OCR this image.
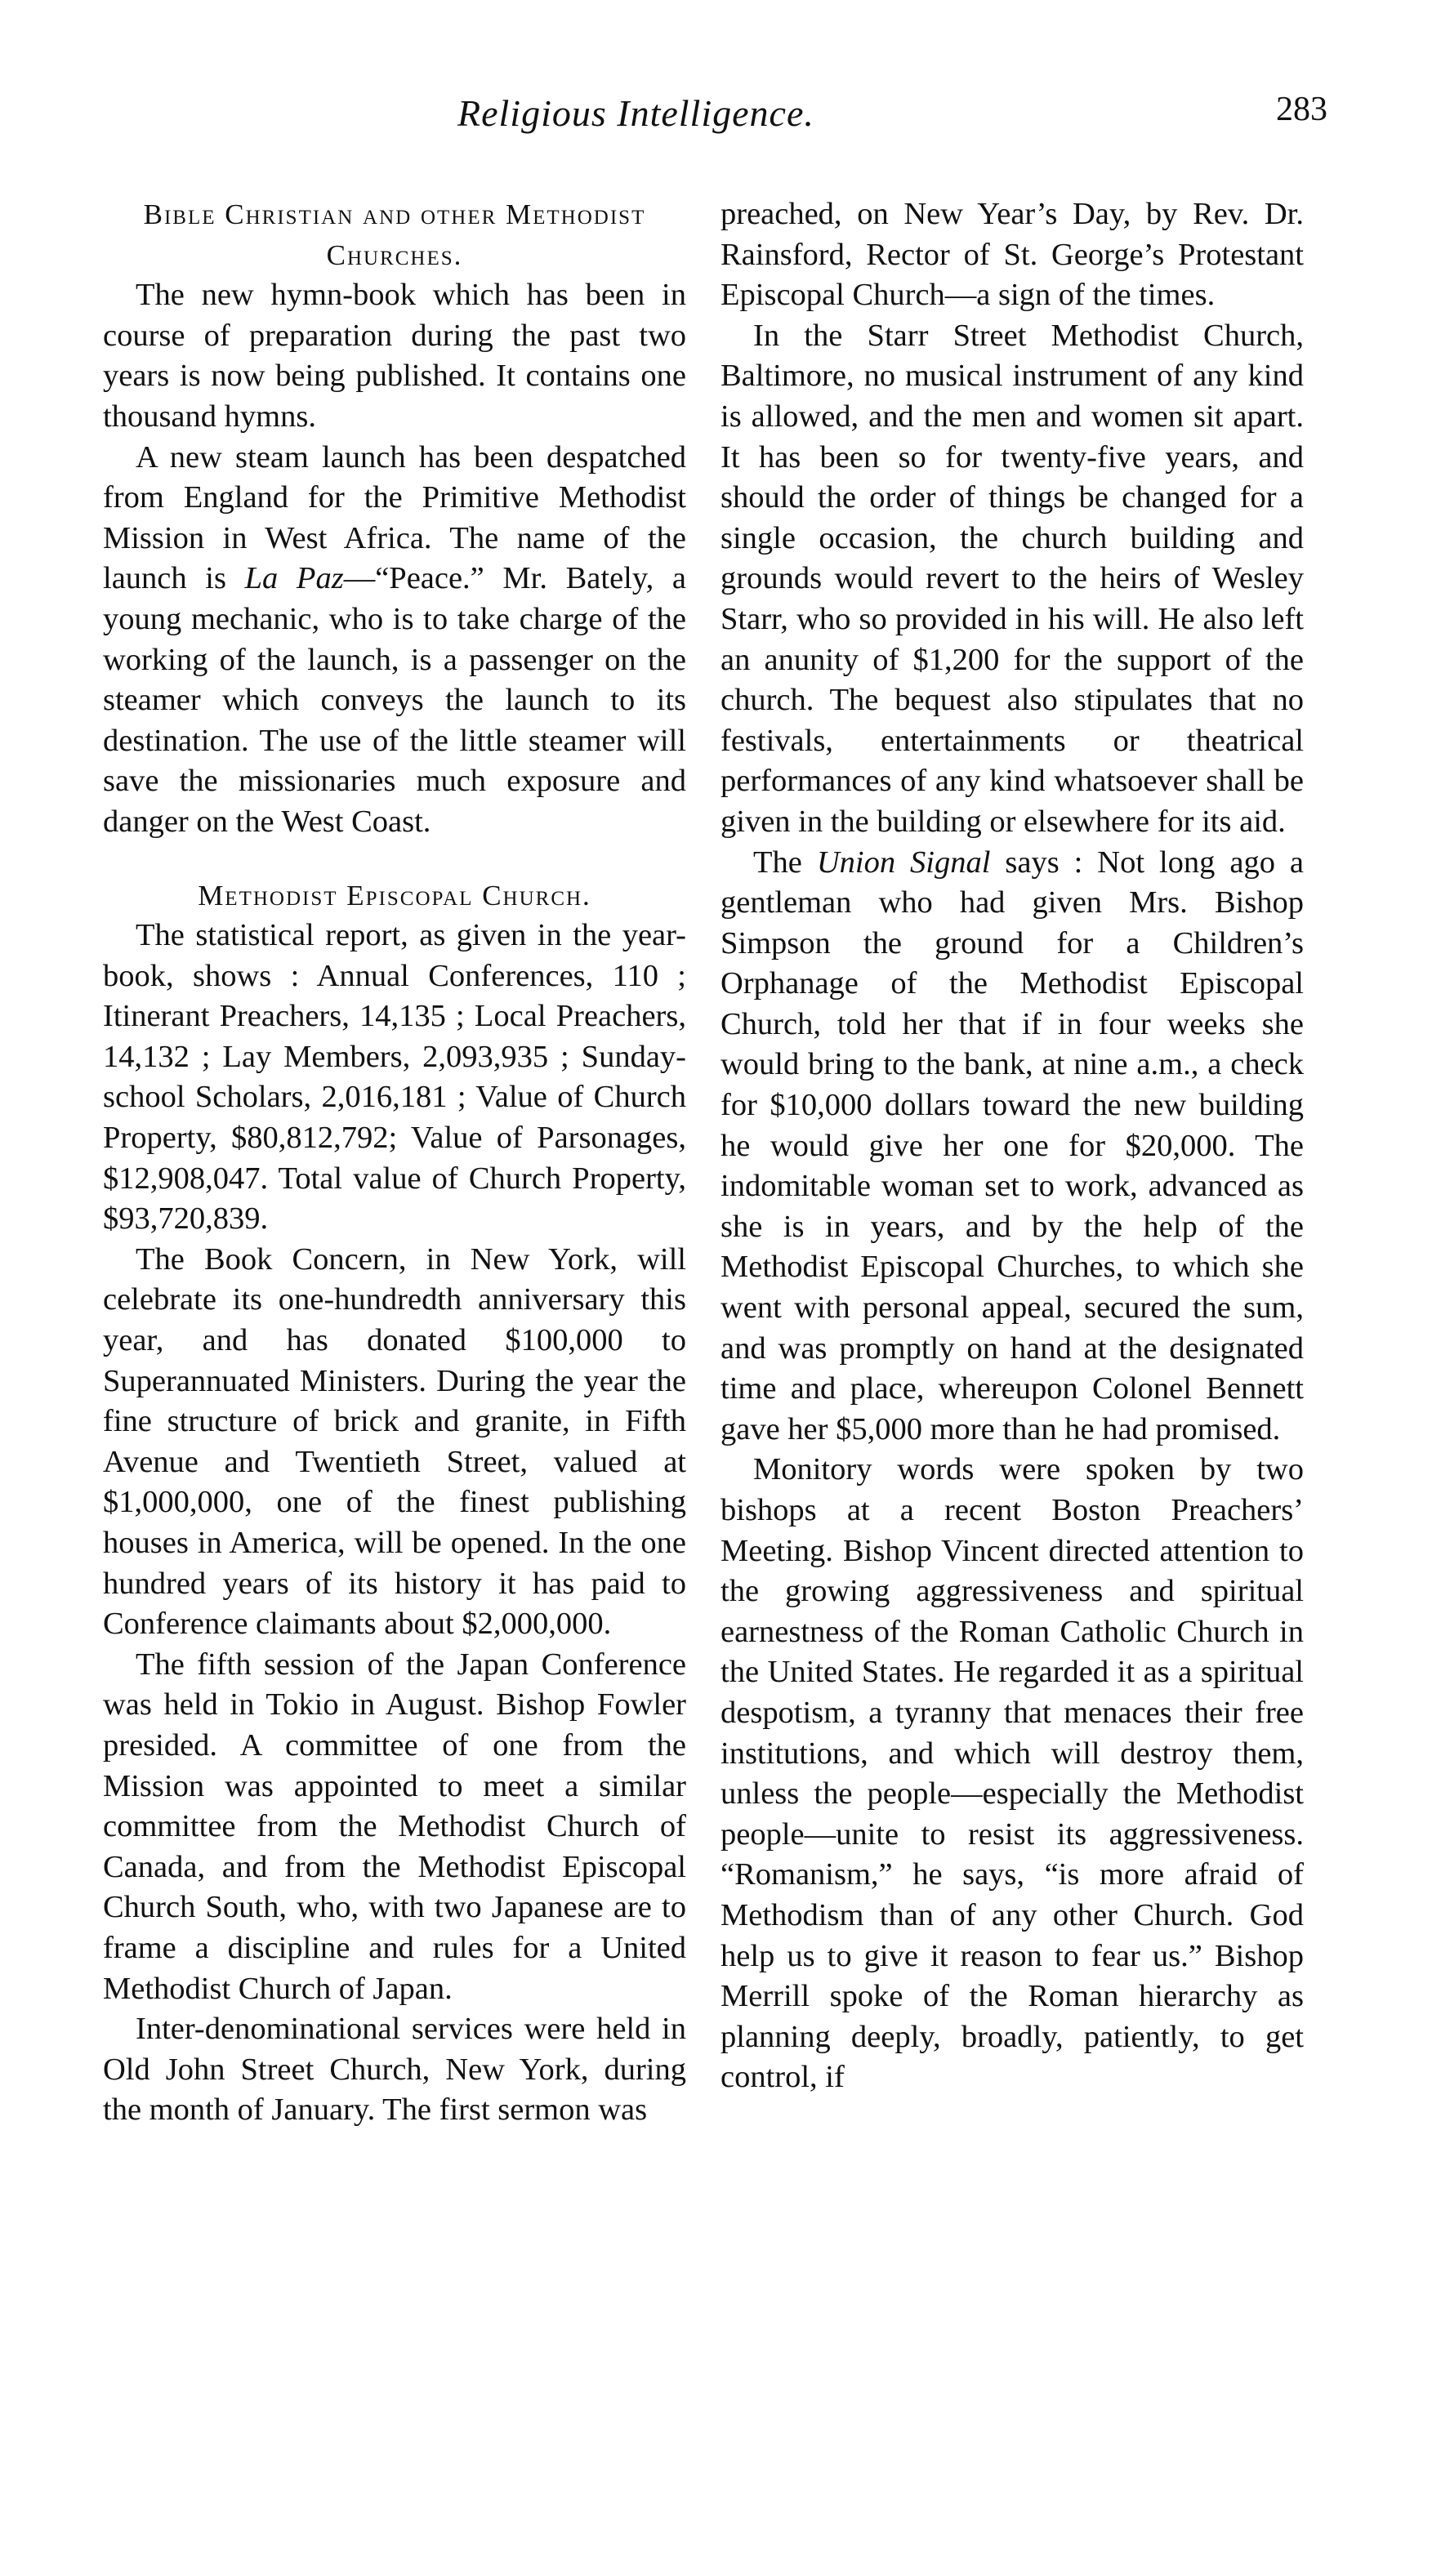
Religious Intelligence.	283
Bible Christian and other Methodist Churches.

The new hymn-book which has been in course of preparation during the past two years is now being published. It contains one thousand hymns.

A new steam launch has been despatched from England for the Primitive Methodist Mission in West Africa. The name of the launch is La Paz—“Peace.” Mr. Bately, a young mechanic, who is to take charge of the working of the launch, is a passenger on the steamer which conveys the launch to its destination. The use of the little steamer will save the missionaries much exposure and danger on the West Coast.

Methodist Episcopal Church.

The statistical report, as given in the year-book, shows : Annual Conferences, 110 ; Itinerant Preachers, 14,135 ; Local Preachers, 14,132 ; Lay Members, 2,093,935 ; Sunday-school Scholars, 2,016,181 ; Value of Church Property, $80,812,792; Value of Parsonages, $12,908,047. Total value of Church Property, $93,720,839.

The Book Concern, in New York, will celebrate its one-hundredth anniversary this year, and has donated $100,000 to Superannuated Ministers. During the year the fine structure of brick and granite, in Fifth Avenue and Twentieth Street, valued at $1,000,000, one of the finest publishing houses in America, will be opened. In the one hundred years of its history it has paid to Conference claimants about $2,000,000.

The fifth session of the Japan Conference was held in Tokio in August. Bishop Fowler presided. A committee of one from the Mission was appointed to meet a similar committee from the Methodist Church of Canada, and from the Methodist Episcopal Church South, who, with two Japanese are to frame a discipline and rules for a United Methodist Church of Japan.

Inter-denominational services were held in Old John Street Church, New York, during the month of January. The first sermon was

preached, on New Year’s Day, by Rev. Dr. Rainsford, Rector of St. George’s Protestant Episcopal Church—a sign of the times.

In the Starr Street Methodist Church, Baltimore, no musical instrument of any kind is allowed, and the men and women sit apart. It has been so for twenty-five years, and should the order of things be changed for a single occasion, the church building and grounds would revert to the heirs of Wesley Starr, who so provided in his will. He also left an anunity of $1,200 for the support of the church. The bequest also stipulates that no festivals, entertainments or theatrical performances of any kind whatsoever shall be given in the building or elsewhere for its aid.

The Union Signal says : Not long ago a gentleman who had given Mrs. Bishop Simpson the ground for a Children’s Orphanage of the Methodist Episcopal Church, told her that if in four weeks she would bring to the bank, at nine a.m., a check for $10,000 dollars toward the new building he would give her one for $20,000. The indomitable woman set to work, advanced as she is in years, and by the help of the Methodist Episcopal Churches, to which she went with personal appeal, secured the sum, and was promptly on hand at the designated time and place, whereupon Colonel Bennett gave her $5,000 more than he had promised.

Monitory words were spoken by two bishops at a recent Boston Preachers’ Meeting. Bishop Vincent directed attention to the growing aggressiveness and spiritual earnestness of the Roman Catholic Church in the United States. He regarded it as a spiritual despotism, a tyranny that menaces their free institutions, and which will destroy them, unless the people—especially the Methodist people—unite to resist its aggressiveness. “Romanism,” he says, “is more afraid of Methodism than of any other Church. God help us to give it reason to fear us.” Bishop Merrill spoke of the Roman hierarchy as planning deeply, broadly, patiently, to get control, if
